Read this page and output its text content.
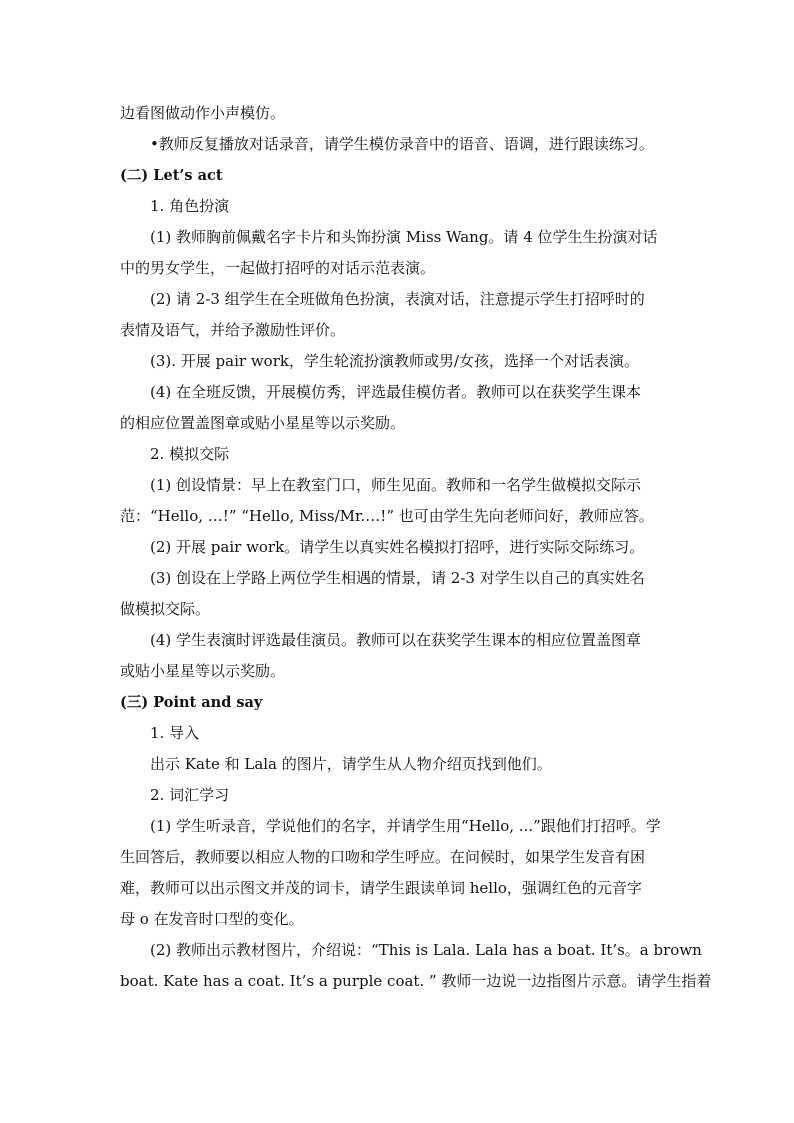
边看图做动作小声模仿。
•教师反复播放对话录音，请学生模仿录音中的语音、语调，进行跟读练习。
(二) Let’s act
1. 角色扮演
(1) 教师胸前佩戴名字卡片和头饰扮演 Miss Wang。请 4 位学生生扮演对话
中的男女学生，一起做打招呼的对话示范表演。
(2) 请 2-3 组学生在全班做角色扮演，表演对话，注意提示学生打招呼时的
表情及语气，并给予激励性评价。
(3). 开展 pair work，学生轮流扮演教师或男/女孩，选择一个对话表演。
(4) 在全班反馈，开展模仿秀，评选最佳模仿者。教师可以在获奖学生课本
的相应位置盖图章或贴小星星等以示奖励。
2. 模拟交际
(1) 创设情景：早上在教室门口，师生见面。教师和一名学生做模拟交际示
范：“Hello, …!” “Hello, Miss/Mr.…!” 也可由学生先向老师问好，教师应答。
(2) 开展 pair work。请学生以真实姓名模拟打招呼，进行实际交际练习。
(3) 创设在上学路上两位学生相遇的情景，请 2-3 对学生以自己的真实姓名
做模拟交际。
(4) 学生表演时评选最佳演员。教师可以在获奖学生课本的相应位置盖图章
或贴小星星等以示奖励。
(三) Point and say
1. 导入
出示 Kate 和 Lala 的图片，请学生从人物介绍页找到他们。
2. 词汇学习
(1) 学生听录音，学说他们的名字，并请学生用“Hello, ...”跟他们打招呼。学
生回答后，教师要以相应人物的口吻和学生呼应。在问候时，如果学生发音有困
难，教师可以出示图文并茂的词卡，请学生跟读单词 hello，强调红色的元音字
母 o 在发音时口型的变化。
(2) 教师出示教材图片，介绍说：“This is Lala. Lala has a boat. It’s。a brown
boat. Kate has a coat. It’s a purple coat. ” 教师一边说一边指图片示意。请学生指着
